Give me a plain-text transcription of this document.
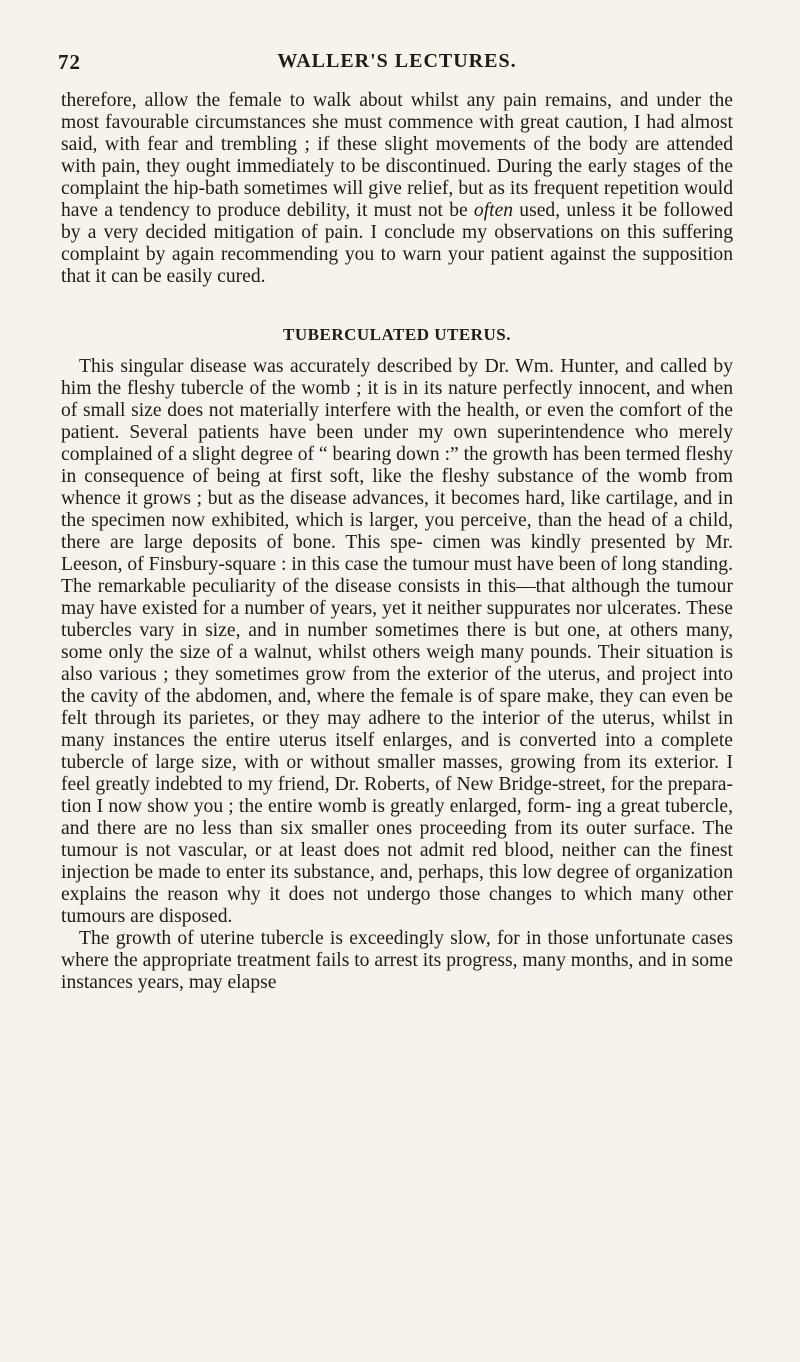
72	WALLER'S LECTURES.

therefore, allow the female to walk about whilst any pain remains, and under the most favourable circumstances she must commence with great caution, I had almost said, with fear and trembling ; if these slight movements of the body are attended with pain, they ought immediately to be discontinued. During the early stages of the complaint the hip-bath sometimes will give relief, but as its frequent repetition would have a tendency to produce debility, it must not be often used, unless it be followed by a very decided mitigation of pain. I conclude my observations on this suffering complaint by again recommending you to warn your patient against the supposition that it can be easily cured.

TUBERCULATED UTERUS.

This singular disease was accurately described by Dr. Wm. Hunter, and called by him the fleshy tubercle of the womb ; it is in its nature perfectly innocent, and when of small size does not materially interfere with the health, or even the comfort of the patient. Several patients have been under my own superintendence who merely complained of a slight degree of “ bearing down :” the growth has been termed fleshy in consequence of being at first soft, like the fleshy substance of the womb from whence it grows ; but as the disease advances, it becomes hard, like cartilage, and in the specimen now exhibited, which is larger, you perceive, than the head of a child, there are large deposits of bone. This spe- cimen was kindly presented by Mr. Leeson, of Finsbury-square : in this case the tumour must have been of long standing. The remarkable peculiarity of the disease consists in this—that although the tumour may have existed for a number of years, yet it neither suppurates nor ulcerates. These tubercles vary in size, and in number sometimes there is but one, at others many, some only the size of a walnut, whilst others weigh many pounds. Their situation is also various ; they sometimes grow from the exterior of the uterus, and project into the cavity of the abdomen, and, where the female is of spare make, they can even be felt through its parietes, or they may adhere to the interior of the uterus, whilst in many instances the entire uterus itself enlarges, and is converted into a complete tubercle of large size, with or without smaller masses, growing from its exterior. I feel greatly indebted to my friend, Dr. Roberts, of New Bridge-street, for the prepara- tion I now show you ; the entire womb is greatly enlarged, form- ing a great tubercle, and there are no less than six smaller ones proceeding from its outer surface. The tumour is not vascular, or at least does not admit red blood, neither can the finest injection be made to enter its substance, and, perhaps, this low degree of organization explains the reason why it does not undergo those changes to which many other tumours are disposed.

The growth of uterine tubercle is exceedingly slow, for in those unfortunate cases where the appropriate treatment fails to arrest its progress, many months, and in some instances years, may elapse
